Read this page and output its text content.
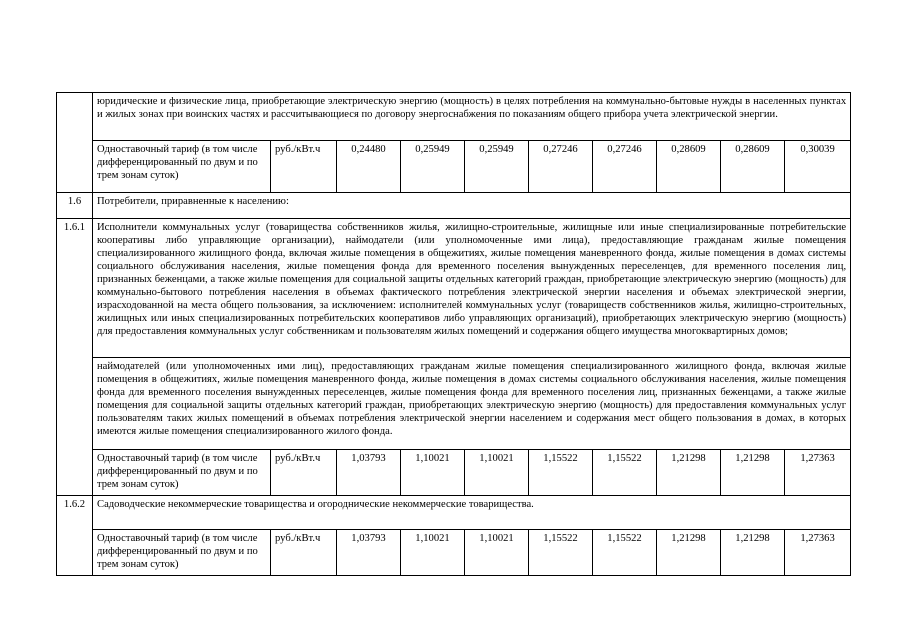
	юридические и физические лица, приобретающие электрическую энергию (мощность) в целях потребления на коммунально-бытовые нужды в населенных пунктах и жилых зонах при воинских частях и рассчитывающиеся по договору энергоснабжения по показаниям общего прибора учета электрической энергии.									
	Одноставочный тариф (в том числе дифференцированный по двум и по трем зонам суток)	руб./кВт.ч	0,24480	0,25949	0,25949	0,27246	0,27246	0,28609	0,28609	0,30039
1.6	Потребители, приравненные к населению:									
1.6.1	Исполнители коммунальных услуг (товарищества собственников жилья, жилищно-строительные, жилищные или иные специализированные потребительские кооперативы либо управляющие организации), наймодатели (или уполномоченные ими лица), предоставляющие гражданам жилые помещения специализированного жилищного фонда, включая жилые помещения в общежитиях, жилые помещения маневренного фонда, жилые помещения в домах системы социального обслуживания населения, жилые помещения фонда для временного поселения вынужденных переселенцев, для временного поселения лиц, признанных беженцами, а также жилые помещения для социальной защиты отдельных категорий граждан, приобретающие электрическую энергию (мощность) для коммунально-бытового потребления населения в объемах фактического потребления электрической энергии населения и объемах электрической энергии, израсходованной на места общего пользования, за исключением: исполнителей коммунальных услуг (товариществ собственников жилья, жилищно-строительных, жилищных или иных специализированных потребительских кооперативов либо управляющих организаций), приобретающих электрическую энергию (мощность) для предоставления коммунальных услуг собственникам и пользователям жилых помещений и содержания общего имущества многоквартирных домов;									
	наймодателей (или уполномоченных ими лиц), предоставляющих гражданам жилые помещения специализированного жилищного фонда, включая жилые помещения в общежитиях, жилые помещения маневренного фонда, жилые помещения в домах системы социального обслуживания населения, жилые помещения фонда для временного поселения вынужденных переселенцев, жилые помещения фонда для временного поселения лиц, признанных беженцами, а также жилые помещения для социальной защиты отдельных категорий граждан, приобретающих электрическую энергию (мощность) для предоставления коммунальных услуг пользователям таких жилых помещений в объемах потребления электрической энергии населением и содержания мест общего пользования в домах, в которых имеются жилые помещения специализированного жилого фонда.									
	Одноставочный тариф (в том числе дифференцированный по двум и по трем зонам суток)	руб./кВт.ч	1,03793	1,10021	1,10021	1,15522	1,15522	1,21298	1,21298	1,27363
1.6.2	Садоводческие некоммерческие товарищества и огороднические некоммерческие товарищества.									
	Одноставочный тариф (в том числе дифференцированный по двум и по трем зонам суток)	руб./кВт.ч	1,03793	1,10021	1,10021	1,15522	1,15522	1,21298	1,21298	1,27363
